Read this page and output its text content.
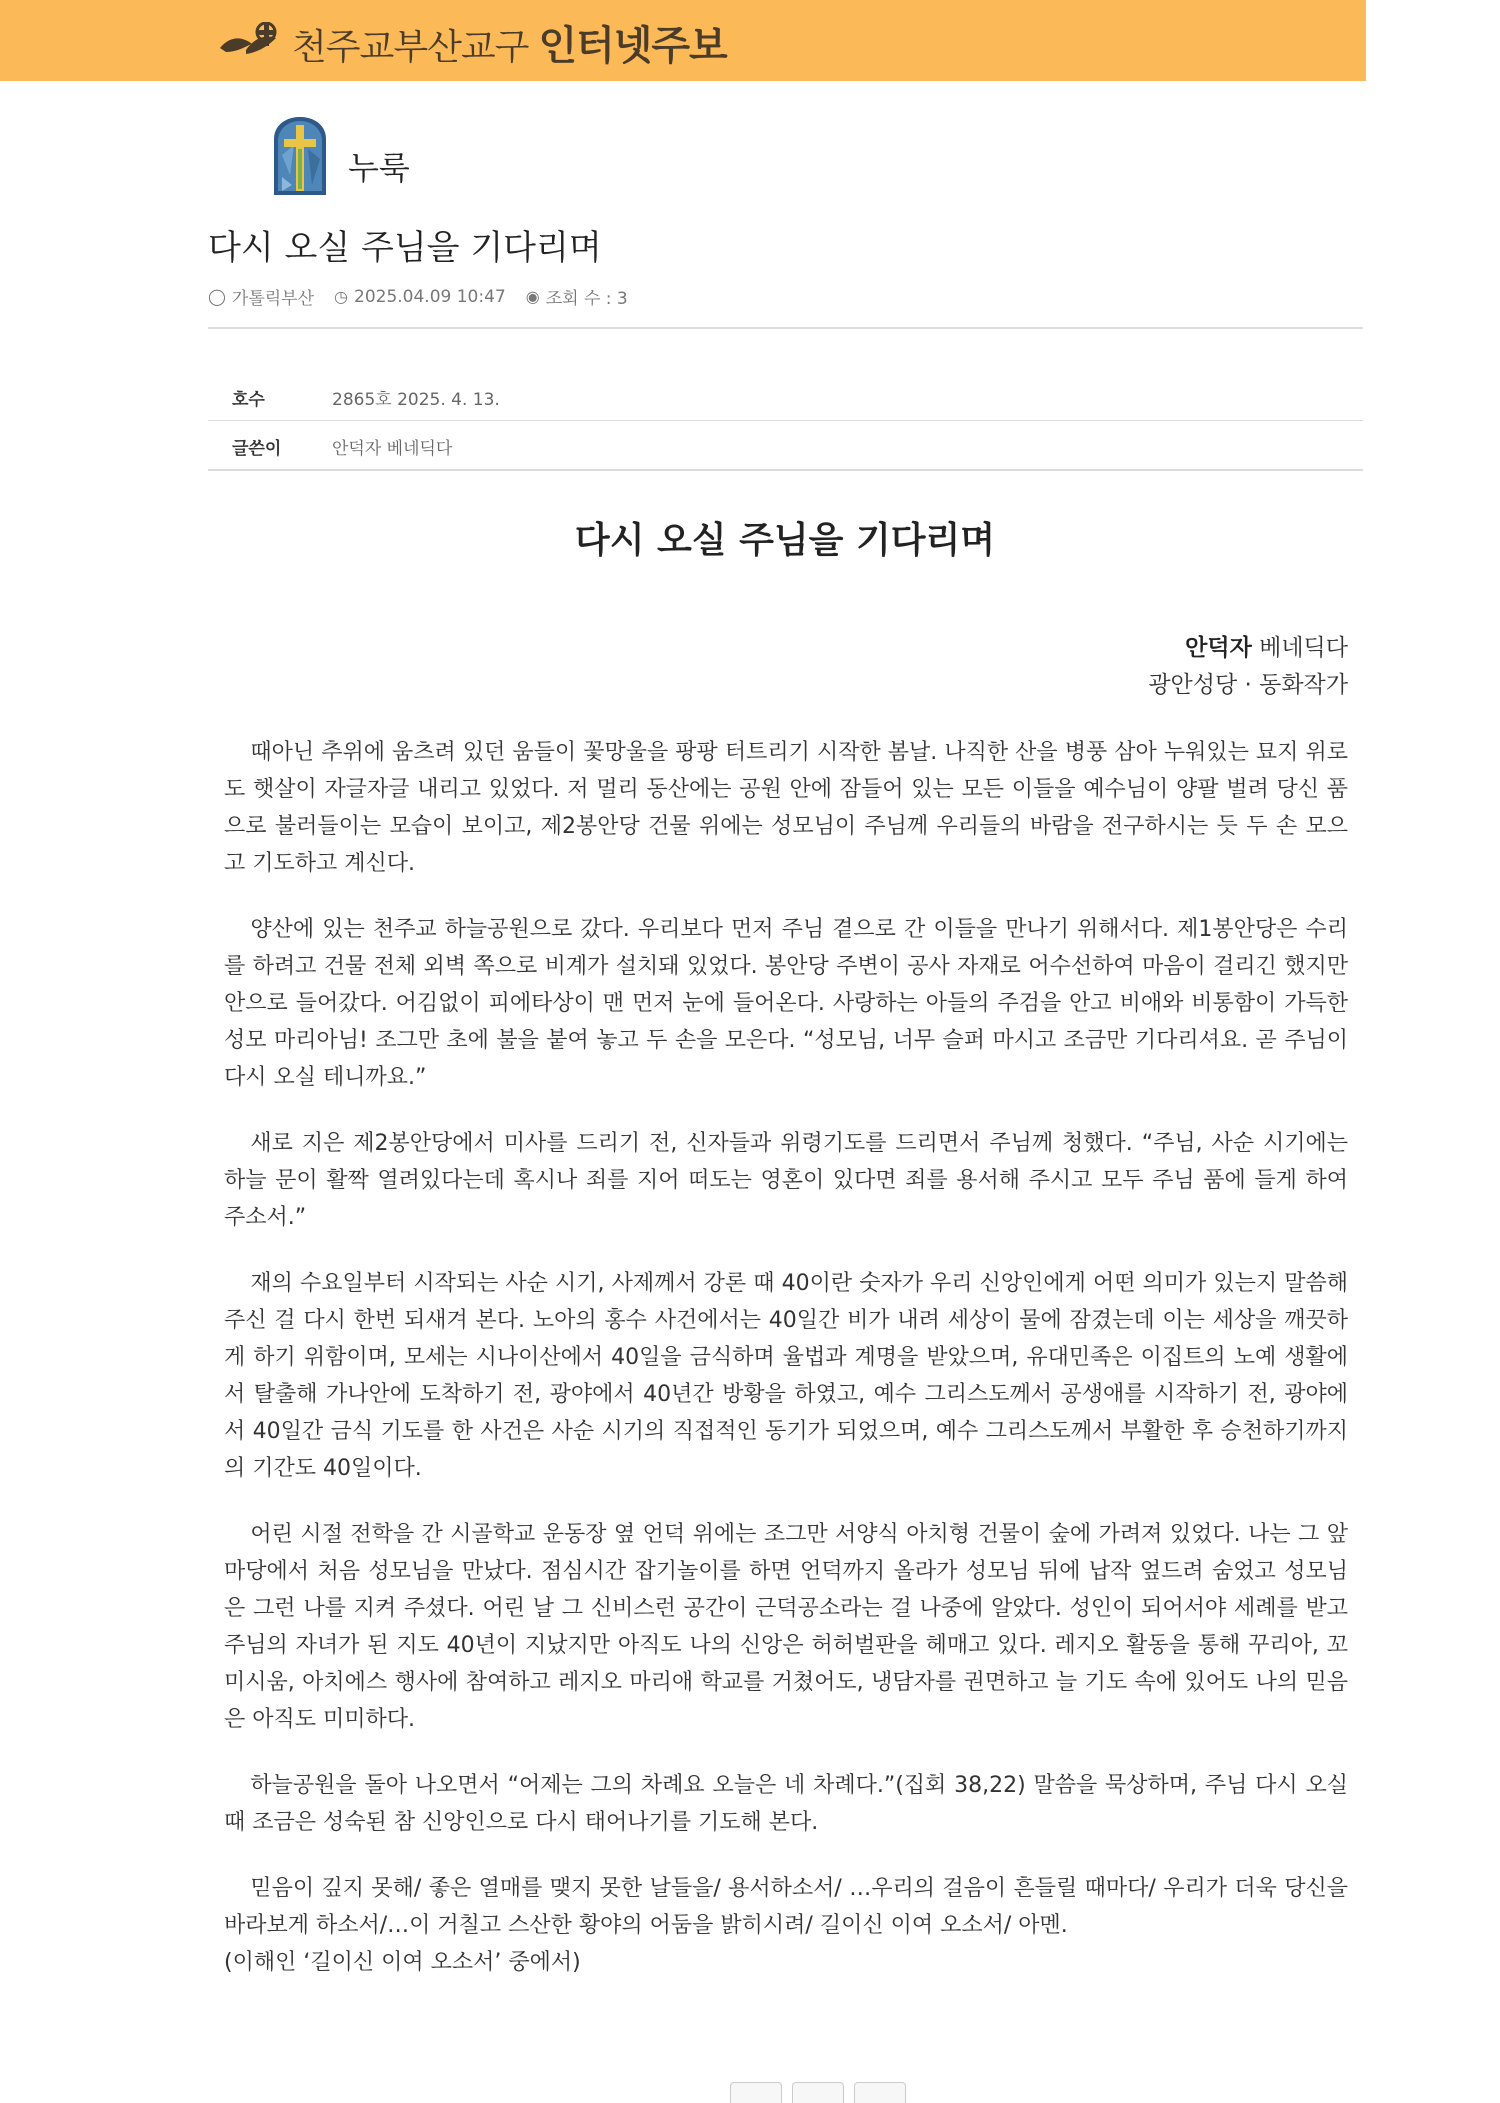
천주교부산교구 인터넷주보
누룩
다시 오실 주님을 기다리며
◯ 가톨릭부산 ◷ 2025.04.09 10:47 ◉ 조회 수 : 3
호수	2865호 2025. 4. 13.
글쓴이	안덕자 베네딕다
다시 오실 주님을 기다리며
안덕자 베네딕다
광안성당 · 동화작가

때아닌 추위에 움츠려 있던 움들이 꽃망울을 팡팡 터트리기 시작한 봄날. 나직한 산을 병풍 삼아 누워있는 묘지 위로도 햇살이 자글자글 내리고 있었다. 저 멀리 동산에는 공원 안에 잠들어 있는 모든 이들을 예수님이 양팔 벌려 당신 품으로 불러들이는 모습이 보이고, 제2봉안당 건물 위에는 성모님이 주님께 우리들의 바람을 전구하시는 듯 두 손 모으고 기도하고 계신다.

양산에 있는 천주교 하늘공원으로 갔다. 우리보다 먼저 주님 곁으로 간 이들을 만나기 위해서다. 제1봉안당은 수리를 하려고 건물 전체 외벽 쪽으로 비계가 설치돼 있었다. 봉안당 주변이 공사 자재로 어수선하여 마음이 걸리긴 했지만 안으로 들어갔다. 어김없이 피에타상이 맨 먼저 눈에 들어온다. 사랑하는 아들의 주검을 안고 비애와 비통함이 가득한 성모 마리아님! 조그만 초에 불을 붙여 놓고 두 손을 모은다. “성모님, 너무 슬퍼 마시고 조금만 기다리셔요. 곧 주님이 다시 오실 테니까요.”

새로 지은 제2봉안당에서 미사를 드리기 전, 신자들과 위령기도를 드리면서 주님께 청했다. “주님, 사순 시기에는 하늘 문이 활짝 열려있다는데 혹시나 죄를 지어 떠도는 영혼이 있다면 죄를 용서해 주시고 모두 주님 품에 들게 하여 주소서.”

재의 수요일부터 시작되는 사순 시기, 사제께서 강론 때 40이란 숫자가 우리 신앙인에게 어떤 의미가 있는지 말씀해 주신 걸 다시 한번 되새겨 본다. 노아의 홍수 사건에서는 40일간 비가 내려 세상이 물에 잠겼는데 이는 세상을 깨끗하게 하기 위함이며, 모세는 시나이산에서 40일을 금식하며 율법과 계명을 받았으며, 유대민족은 이집트의 노예 생활에서 탈출해 가나안에 도착하기 전, 광야에서 40년간 방황을 하였고, 예수 그리스도께서 공생애를 시작하기 전, 광야에서 40일간 금식 기도를 한 사건은 사순 시기의 직접적인 동기가 되었으며, 예수 그리스도께서 부활한 후 승천하기까지의 기간도 40일이다.

어린 시절 전학을 간 시골학교 운동장 옆 언덕 위에는 조그만 서양식 아치형 건물이 숲에 가려져 있었다. 나는 그 앞마당에서 처음 성모님을 만났다. 점심시간 잡기놀이를 하면 언덕까지 올라가 성모님 뒤에 납작 엎드려 숨었고 성모님은 그런 나를 지켜 주셨다. 어린 날 그 신비스런 공간이 근덕공소라는 걸 나중에 알았다. 성인이 되어서야 세례를 받고 주님의 자녀가 된 지도 40년이 지났지만 아직도 나의 신앙은 허허벌판을 헤매고 있다. 레지오 활동을 통해 꾸리아, 꼬미시움, 아치에스 행사에 참여하고 레지오 마리애 학교를 거쳤어도, 냉담자를 권면하고 늘 기도 속에 있어도 나의 믿음은 아직도 미미하다.

하늘공원을 돌아 나오면서 “어제는 그의 차례요 오늘은 네 차례다.”(집회 38,22) 말씀을 묵상하며, 주님 다시 오실 때 조금은 성숙된 참 신앙인으로 다시 태어나기를 기도해 본다.

믿음이 깊지 못해/ 좋은 열매를 맺지 못한 날들을/ 용서하소서/ …우리의 걸음이 흔들릴 때마다/ 우리가 더욱 당신을 바라보게 하소서/…이 거칠고 스산한 황야의 어둠을 밝히시려/ 길이신 이여 오소서/ 아멘.
(이해인 ‘길이신 이여 오소서’ 중에서)
